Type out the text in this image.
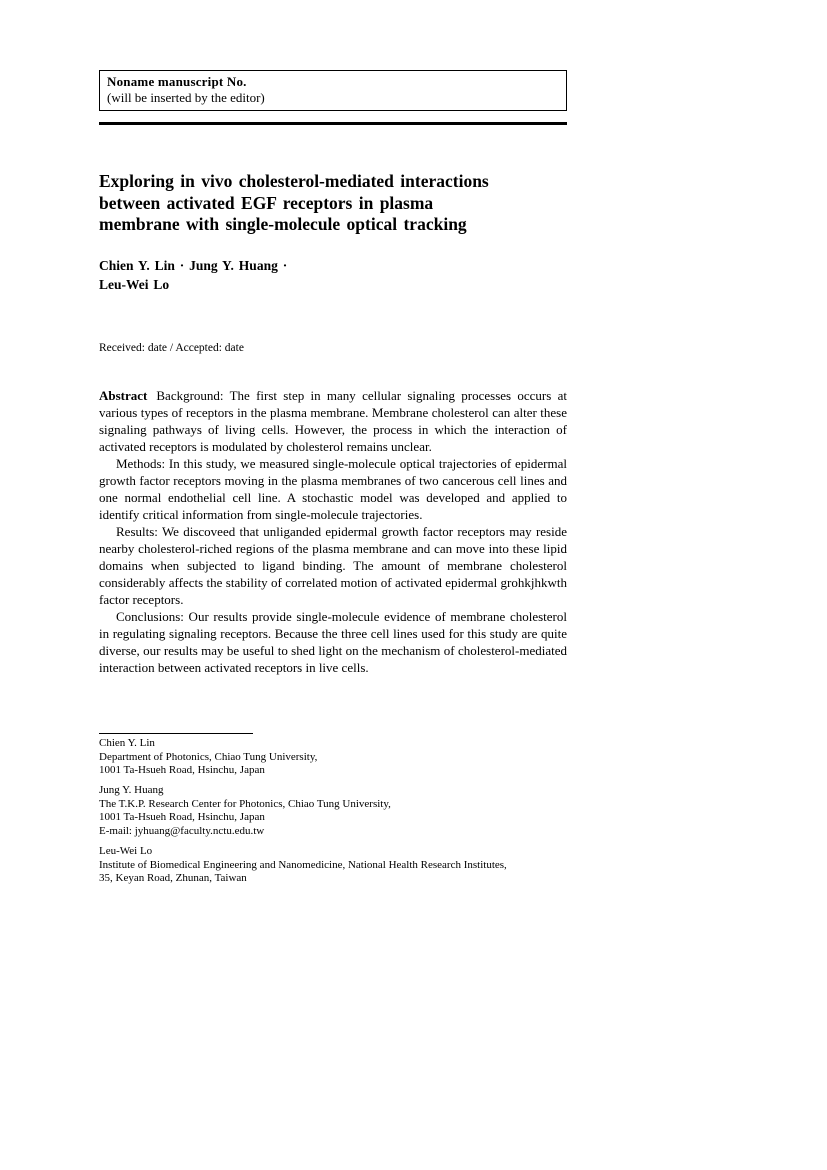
Noname manuscript No.
(will be inserted by the editor)
Exploring in vivo cholesterol-mediated interactions
between activated EGF receptors in plasma
membrane with single-molecule optical tracking
Chien Y. Lin · Jung Y. Huang ·
Leu-Wei Lo
Received: date / Accepted: date

Abstract Background: The first step in many cellular signaling processes occurs at various types of receptors in the plasma membrane. Membrane cholesterol can alter these signaling pathways of living cells. However, the process in which the interaction of activated receptors is modulated by cholesterol remains unclear.

Methods: In this study, we measured single-molecule optical trajectories of epidermal growth factor receptors moving in the plasma membranes of two cancerous cell lines and one normal endothelial cell line. A stochastic model was developed and applied to identify critical information from single-molecule trajectories.

Results: We discoveed that unliganded epidermal growth factor receptors may reside nearby cholesterol-riched regions of the plasma membrane and can move into these lipid domains when subjected to ligand binding. The amount of membrane cholesterol considerably affects the stability of correlated motion of activated epidermal grohkjhkwth factor receptors.

Conclusions: Our results provide single-molecule evidence of membrane cholesterol in regulating signaling receptors. Because the three cell lines used for this study are quite diverse, our results may be useful to shed light on the mechanism of cholesterol-mediated interaction between activated receptors in live cells.

Chien Y. Lin
Department of Photonics, Chiao Tung University,
1001 Ta-Hsueh Road, Hsinchu, Japan
Jung Y. Huang
The T.K.P. Research Center for Photonics, Chiao Tung University,
1001 Ta-Hsueh Road, Hsinchu, Japan
E-mail: jyhuang@faculty.nctu.edu.tw
Leu-Wei Lo
Institute of Biomedical Engineering and Nanomedicine, National Health Research Institutes,
35, Keyan Road, Zhunan, Taiwan
